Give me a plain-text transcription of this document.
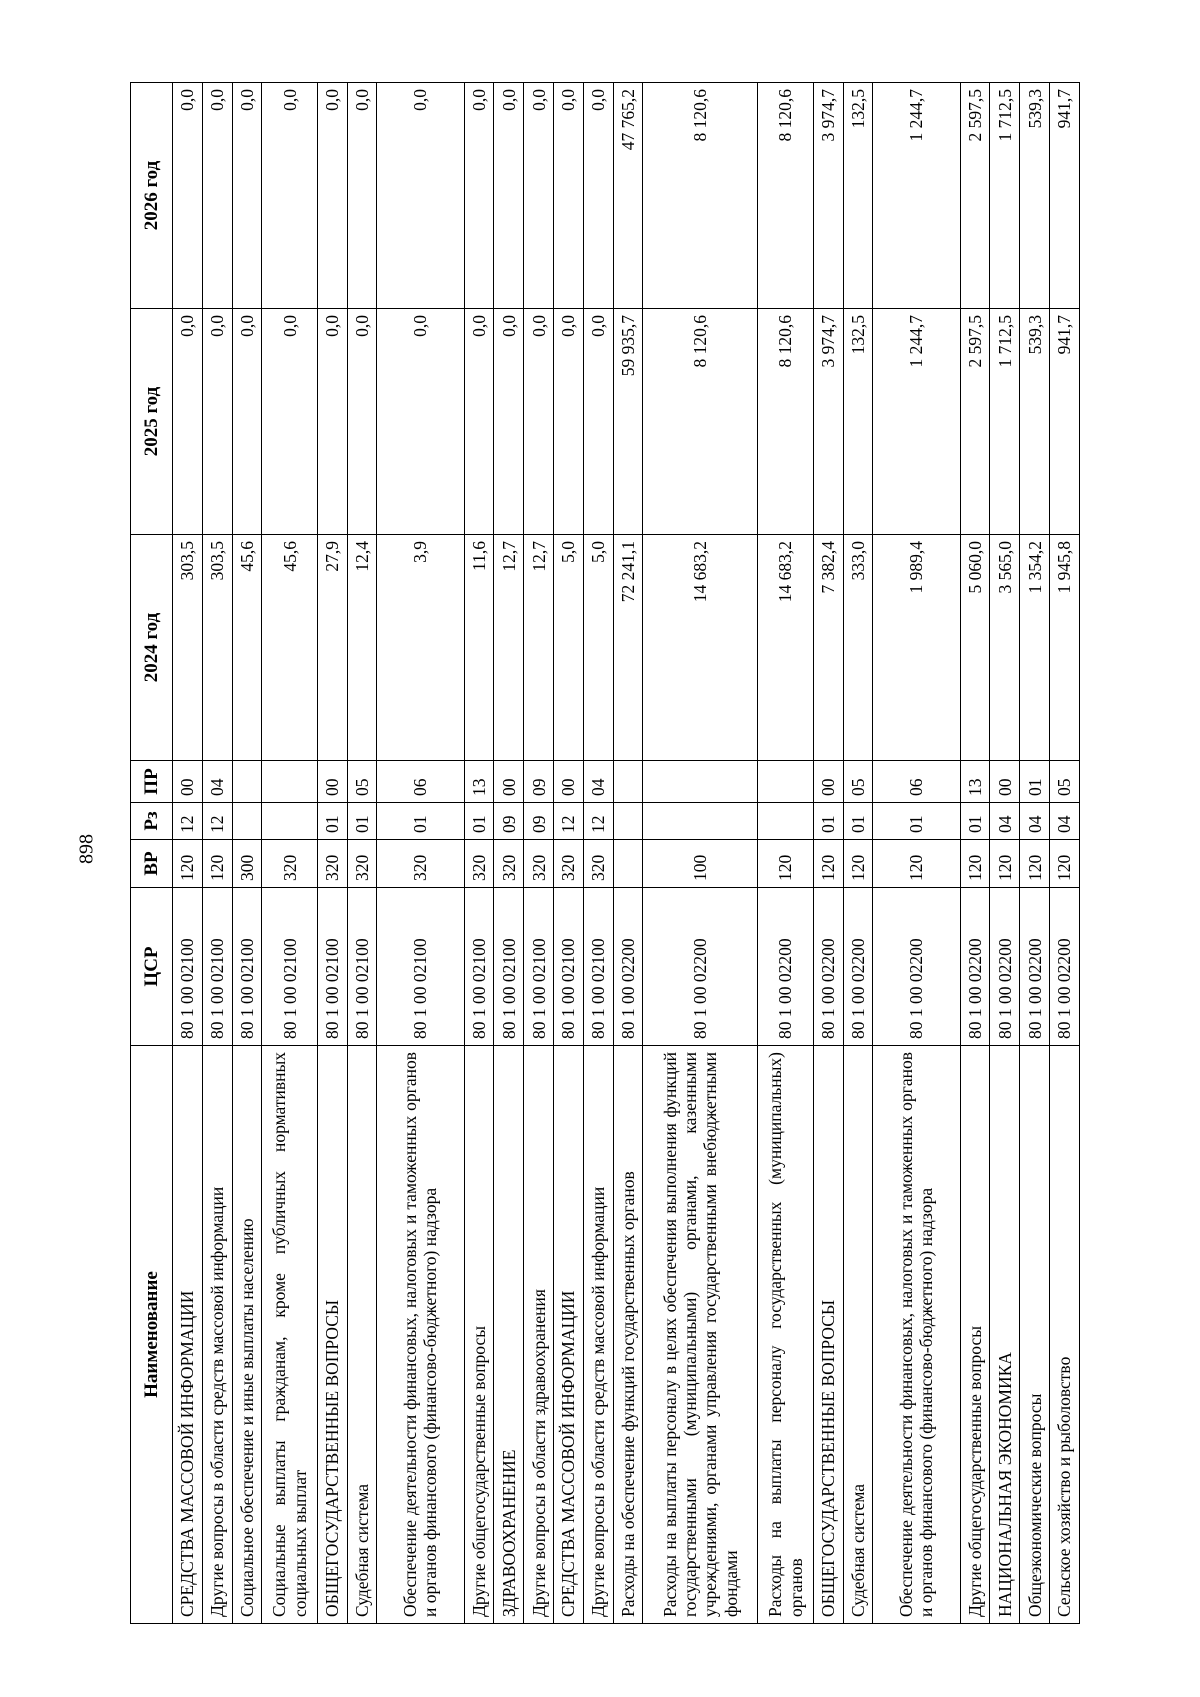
898
Наименование	ЦСР	ВР	Рз	ПР	2024 год	2025 год	2026 год
СРЕДСТВА МАССОВОЙ ИНФОРМАЦИИ	80 1 00 02100	120	12	00	303,5	0,0	0,0
Другие вопросы в области средств массовой информации	80 1 00 02100	120	12	04	303,5	0,0	0,0
Социальное обеспечение и иные выплаты населению	80 1 00 02100	300			45,6	0,0	0,0
Социальные выплаты гражданам, кроме публичных нормативных социальных выплат	80 1 00 02100	320			45,6	0,0	0,0
ОБЩЕГОСУДАРСТВЕННЫЕ ВОПРОСЫ	80 1 00 02100	320	01	00	27,9	0,0	0,0
Судебная система	80 1 00 02100	320	01	05	12,4	0,0	0,0
Обеспечение деятельности финансовых, налоговых и таможенных органов и органов финансового (финансово-бюджетного) надзора	80 1 00 02100	320	01	06	3,9	0,0	0,0
Другие общегосударственные вопросы	80 1 00 02100	320	01	13	11,6	0,0	0,0
ЗДРАВООХРАНЕНИЕ	80 1 00 02100	320	09	00	12,7	0,0	0,0
Другие вопросы в области здравоохранения	80 1 00 02100	320	09	09	12,7	0,0	0,0
СРЕДСТВА МАССОВОЙ ИНФОРМАЦИИ	80 1 00 02100	320	12	00	5,0	0,0	0,0
Другие вопросы в области средств массовой информации	80 1 00 02100	320	12	04	5,0	0,0	0,0
Расходы на обеспечение функций государственных органов	80 1 00 02200				72 241,1	59 935,7	47 765,2
Расходы на выплаты персоналу в целях обеспечения выполнения функций государственными (муниципальными) органами, казенными учреждениями, органами управления государственными внебюджетными фондами	80 1 00 02200	100			14 683,2	8 120,6	8 120,6
Расходы на выплаты персоналу государственных (муниципальных) органов	80 1 00 02200	120			14 683,2	8 120,6	8 120,6
ОБЩЕГОСУДАРСТВЕННЫЕ ВОПРОСЫ	80 1 00 02200	120	01	00	7 382,4	3 974,7	3 974,7
Судебная система	80 1 00 02200	120	01	05	333,0	132,5	132,5
Обеспечение деятельности финансовых, налоговых и таможенных органов и органов финансового (финансово-бюджетного) надзора	80 1 00 02200	120	01	06	1 989,4	1 244,7	1 244,7
Другие общегосударственные вопросы	80 1 00 02200	120	01	13	5 060,0	2 597,5	2 597,5
НАЦИОНАЛЬНАЯ ЭКОНОМИКА	80 1 00 02200	120	04	00	3 565,0	1 712,5	1 712,5
Общеэкономические вопросы	80 1 00 02200	120	04	01	1 354,2	539,3	539,3
Сельское хозяйство и рыболовство	80 1 00 02200	120	04	05	1 945,8	941,7	941,7
